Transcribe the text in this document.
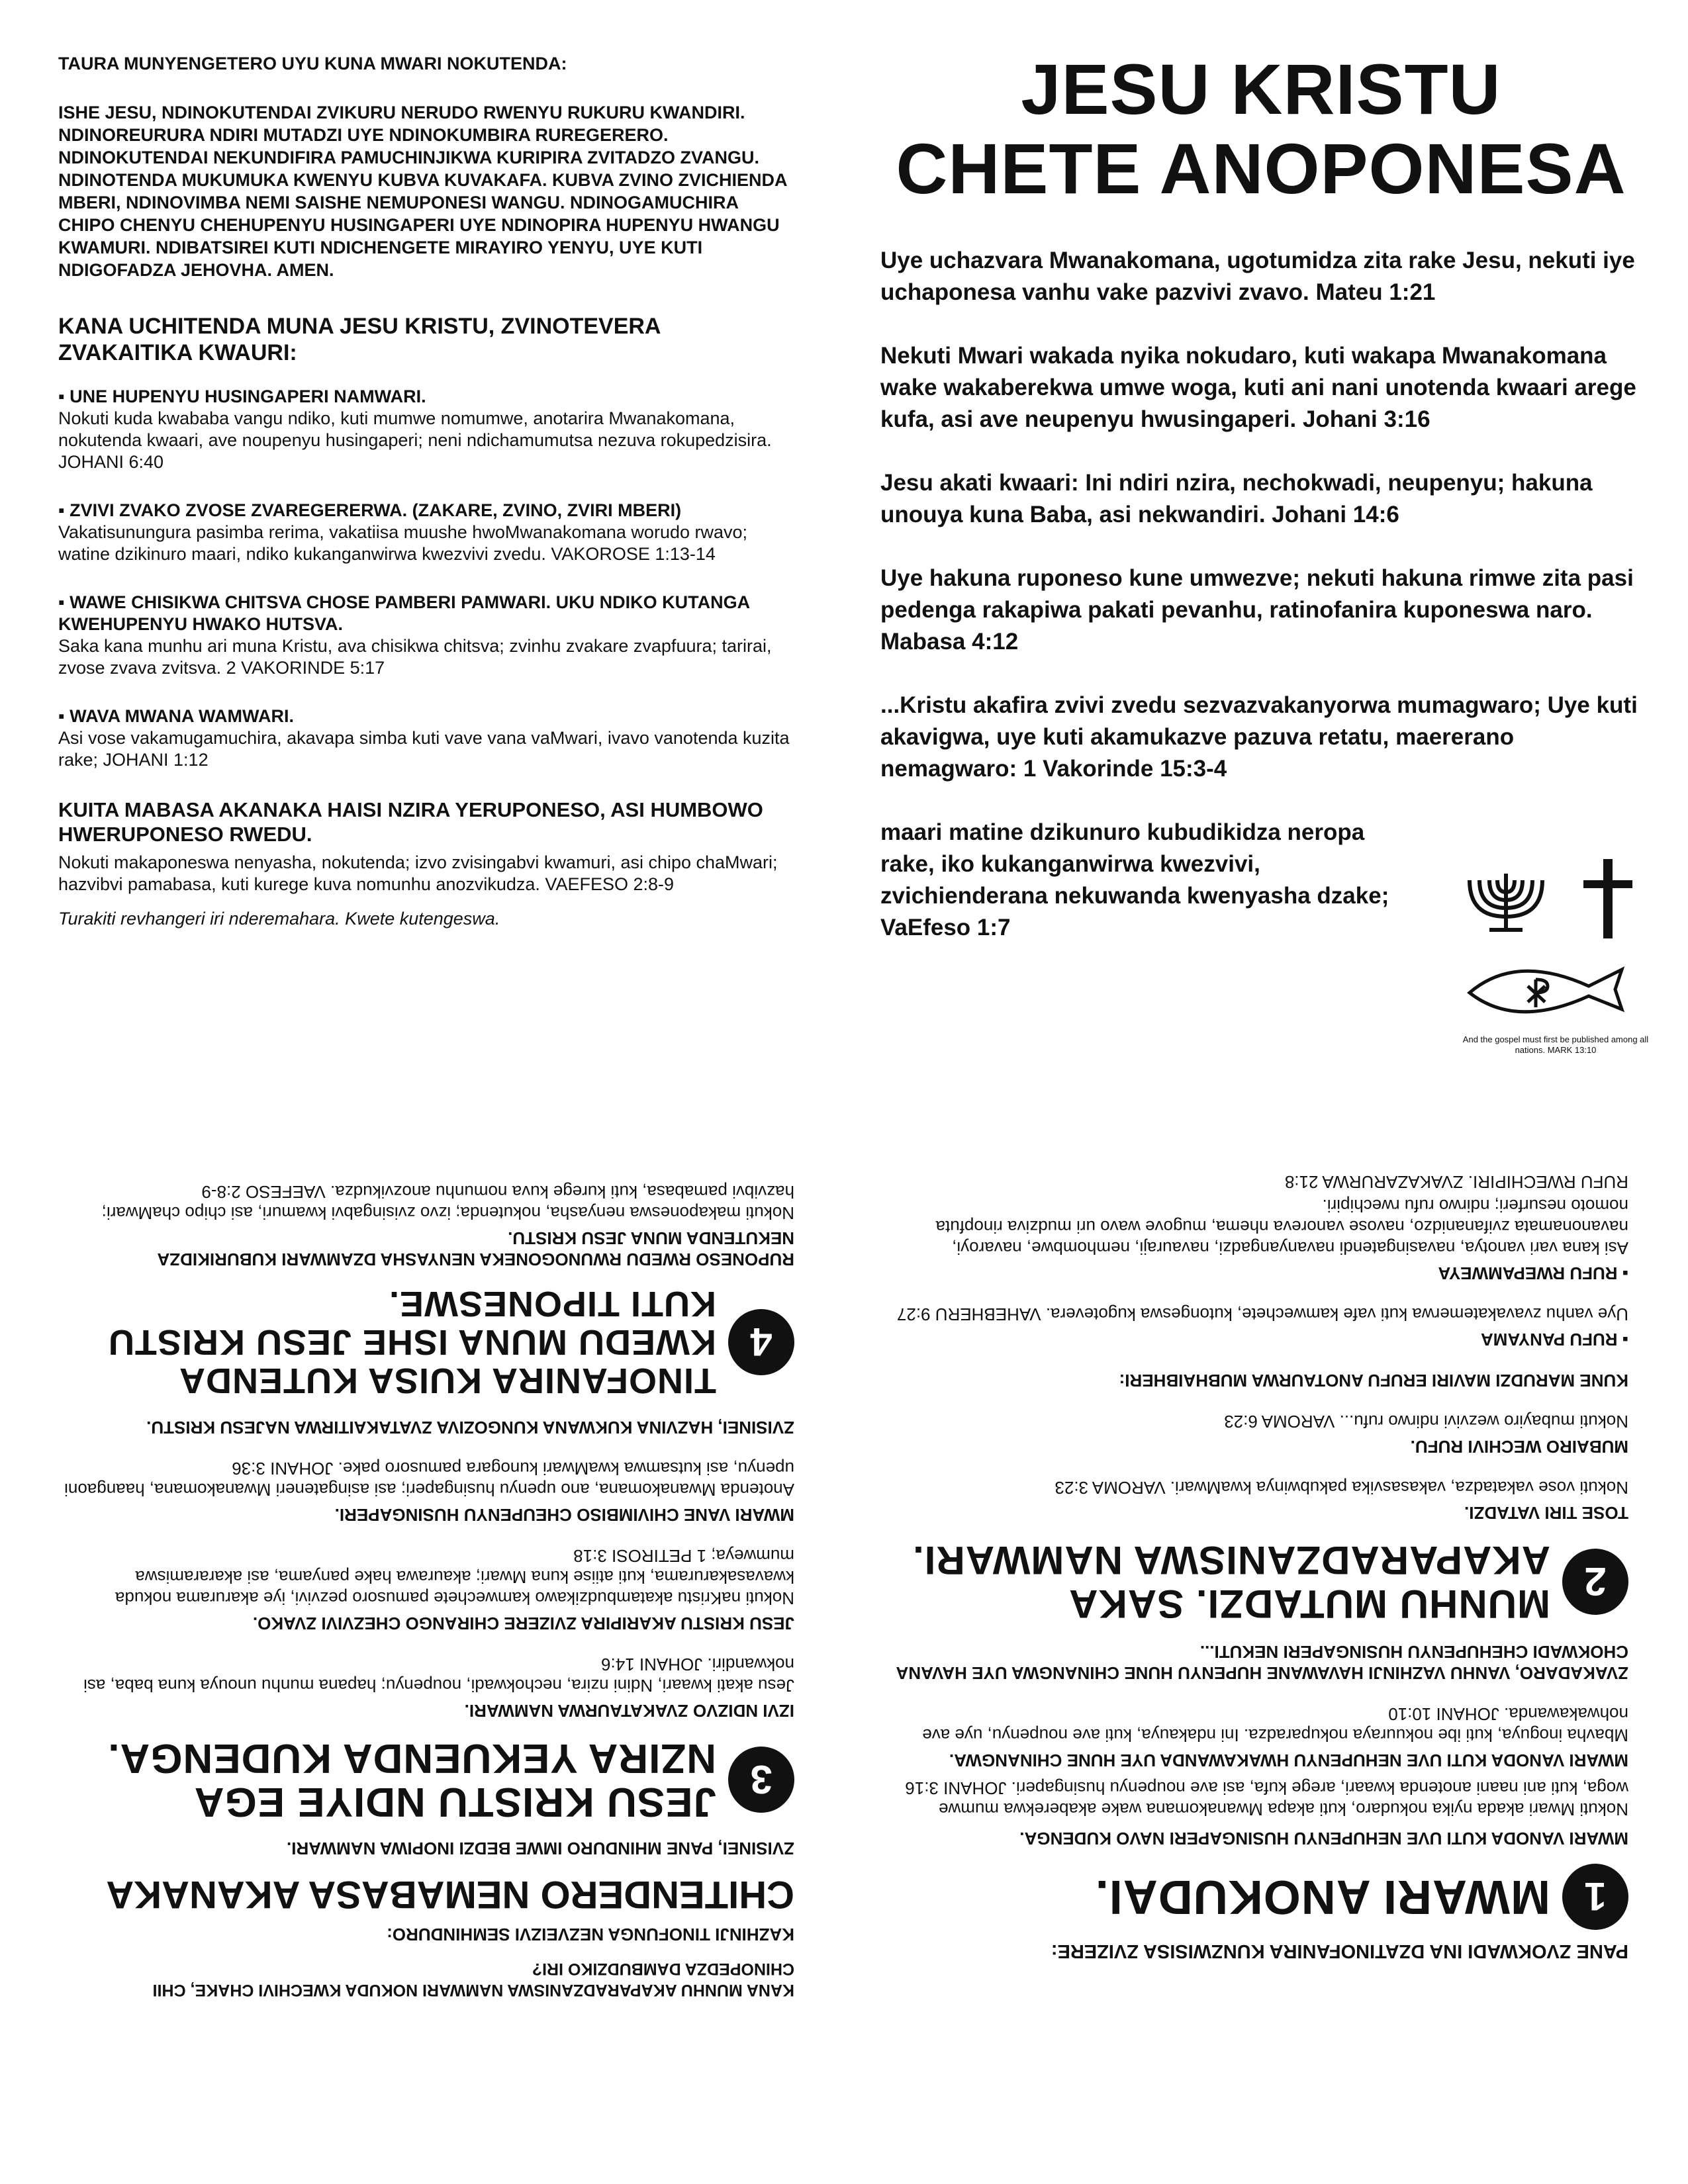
TAURA MUNYENGETERO UYU KUNA MWARI NOKUTENDA:

ISHE JESU, NDINOKUTENDAI ZVIKURU NERUDO RWENYU RUKURU KWANDIRI. NDINOREURURA NDIRI MUTADZI UYE NDINOKUMBIRA RUREGERERO. NDINOKUTENDAI NEKUNDIFIRA PAMUCHINJIKWA KURIPIRA ZVITADZO ZVANGU. NDINOTENDA MUKUMUKA KWENYU KUBVA KUVAKAFA. KUBVA ZVINO ZVICHIENDA MBERI, NDINOVIMBA NEMI SAISHE NEMUPONESI WANGU. NDINOGAMUCHIRA CHIPO CHENYU CHEHUPENYU HUSINGAPERI UYE NDINOPIRA HUPENYU HWANGU KWAMURI. NDIBATSIREI KUTI NDICHENGETE MIRAYIRO YENYU, UYE KUTI NDIGOFADZA JEHOVHA. AMEN.

KANA UCHITENDA MUNA JESU KRISTU, ZVINOTEVERA ZVAKAITIKA KWAURI:

▪ UNE HUPENYU HUSINGAPERI NAMWARI.

Nokuti kuda kwababa vangu ndiko, kuti mumwe nomumwe, anotarira Mwanakomana, nokutenda kwaari, ave noupenyu husingaperi; neni ndichamumutsa nezuva rokupedzisira. JOHANI 6:40

▪ ZVIVI ZVAKO ZVOSE ZVAREGERERWA. (ZAKARE, ZVINO, ZVIRI MBERI)

Vakatisunungura pasimba rerima, vakatiisa muushe hwoMwanakomana worudo rwavo; watine dzikinuro maari, ndiko kukanganwirwa kwezvivi zvedu. VAKOROSE 1:13-14

▪ WAWE CHISIKWA CHITSVA CHOSE PAMBERI PAMWARI. UKU NDIKO KUTANGA KWEHUPENYU HWAKO HUTSVA.

Saka kana munhu ari muna Kristu, ava chisikwa chitsva; zvinhu zvakare zvapfuura; tarirai, zvose zvava zvitsva. 2 VAKORINDE 5:17

▪ WAVA MWANA WAMWARI.

Asi vose vakamugamuchira, akavapa simba kuti vave vana vaMwari, ivavo vanotenda kuzita rake; JOHANI 1:12

KUITA MABASA AKANAKA HAISI NZIRA YERUPONESO, ASI HUMBOWO HWERUPONESO RWEDU.

Nokuti makaponeswa nenyasha, nokutenda; izvo zvisingabvi kwamuri, asi chipo chaMwari; hazvibvi pamabasa, kuti kurege kuva nomunhu anozvikudza. VAEFESO 2:8-9

Turakiti revhangeri iri nderemahara. Kwete kutengeswa.

JESU KRISTU
CHETE ANOPONESA

Uye uchazvara Mwanakomana, ugotumidza zita rake Jesu, nekuti iye uchaponesa vanhu vake pazvivi zvavo. Mateu 1:21

Nekuti Mwari wakada nyika nokudaro, kuti wakapa Mwanakomana wake wakaberekwa umwe woga, kuti ani nani unotenda kwaari arege kufa, asi ave neupenyu hwusingaperi. Johani 3:16

Jesu akati kwaari: Ini ndiri nzira, nechokwadi, neupenyu; hakuna unouya kuna Baba, asi nekwandiri. Johani 14:6

Uye hakuna ruponeso kune umwezve; nekuti hakuna rimwe zita pasi pedenga rakapiwa pakati pevanhu, ratinofanira kuponeswa naro. Mabasa 4:12

...Kristu akafira zvivi zvedu sezvazvakanyorwa mumagwaro; Uye kuti akavigwa, uye kuti akamukazve pazuva retatu, maererano nemagwaro: 1 Vakorinde 15:3-4

maari matine dzikunuro kubudikidza neropa rake, iko kukanganwirwa kwezvivi, zvichienderana nekuwanda kwenyasha dzake; VaEfeso 1:7

And the gospel must first be published among all nations. MARK 13:10
KANA MUNHU AKAPARADZANISWA NAMWARI NOKUDA KWECHIVI CHAKE, CHII CHINOPEDZA DAMBUDZIKO IRI?
KAZHINJI TINOFUNGA NEZVEIZVI SEMHINDURO:
CHITENDERO NEMABASA AKANAKA
ZVISINEI, PANE MHINDURO IMWE BEDZI INOPIWA NAMWARI.
3
JESU KRISTU NDIYE EGA NZIRA YEKUENDA KUDENGA.
IZVI NDIZVO ZVAKATAURWA NAMWARI.
Jesu akati kwaari, Ndini nzira, nechokwadi, noupenyu; hapana munhu unouya kuna baba, asi nokwandiri. JOHANI 14:6
JESU KRISTU AKARIPIRA ZVIZERE CHIRANGO CHEZVIVI ZVAKO.
Nokuti naKristu akatambudzikawo kamwechete pamusoro pezvivi, iye akarurama nokuda kwavasakarurama, kuti atiise kuna Mwari; akaurawa hake panyama, asi akararamiswa mumweya; 1 PETIROSI 3:18
MWARI VANE CHIVIMBISO CHEUPENYU HUSINGAPERI.
Anotenda Mwanakomana, ano upenyu husingaperi; asi asingateneri Mwanakomana, haangaoni upenyu, asi kutsamwa kwaMwari kunogara pamusoro pake. JOHANI 3:36
ZVISINEI, HAZVINA KUKWANA KUNGOZIVA ZVATAKAITIRWA NAJESU KRISTU.
4
TINOFANIRA KUISA KUTENDA KWEDU MUNA ISHE JESU KRISTU KUTI TIPONESWE.
RUPONESO RWEDU RWUNOGONEKA NENYASHA DZAMWARI KUBURIKIDZA NEKUTENDA MUNA JESU KRISTU.
Nokuti makaponeswa nenyasha, nokutenda; izvo zvisingabvi kwamuri, asi chipo chaMwari; hazvibvi pamabasa, kuti kurege kuva nomunhu anozvikudza. VAEFESO 2:8-9
PANE ZVOKWADI INA DZATINOFANIRA KUNZWISISA ZVIZERE:
1
MWARI ANOKUDAI.
MWARI VANODA KUTI UVE NEHUPENYU HUSINGAPERI NAVO KUDENGA.
Nokuti Mwari akada nyika nokudaro, kuti akapa Mwanakomana wake akaberekwa mumwe woga, kuti ani naani anotenda kwaari, arege kufa, asi ave noupenyu husingaperi. JOHANI 3:16
MWARI VANODA KUTI UVE NEHUPENYU HWAKAWANDA UYE HUNE CHINANGWA.
Mbavha inoguya, kuti ibe nokuuraya nokuparadza. Ini ndakauya, kuti ave noupenyu, uye ave nohwakawanda. JOHANI 10:10
ZVAKADARO, VANHU VAZHINJI HAVAWANE HUPENYU HUNE CHINANGWA UYE HAVANA CHOKWADI CHEHUPENYU HUSINGAPERI NEKUTI...
2
MUNHU MUTADZI. SAKA AKAPARADZANISWA NAMWARI.
TOSE TIRI VATADZI.
Nokuti vose vakatadza, vakasasvika pakubwinya kwaMwari. VAROMA 3:23
MUBAIRO WECHIVI RUFU.
Nokuti mubayiro wezvivi ndirwo rufu... VAROMA 6:23
KUNE MARUDZI MAVIRI ERUFU ANOTAURWA MUBHAIBHERI:
▪ RUFU PANYAMA
Uye vanhu zvavakatemerwa kuti vafe kamwechete, kutongeswa kugotevera. VAHEBHERU 9:27
▪ RUFU RWEPAMWEYA
Asi kana vari vanotya, navasingatendi navanyangadzi, navauraji, nemhombwe, navaroyi, navanonamata zvifananidzo, navose vanoreva nhema, mugove wavo uri mudziva rinopfuta nomoto nesurferi; ndirwo rufu rwechipiri.
RUFU RWECHIPIRI. ZVAKAZARURWA 21:8
